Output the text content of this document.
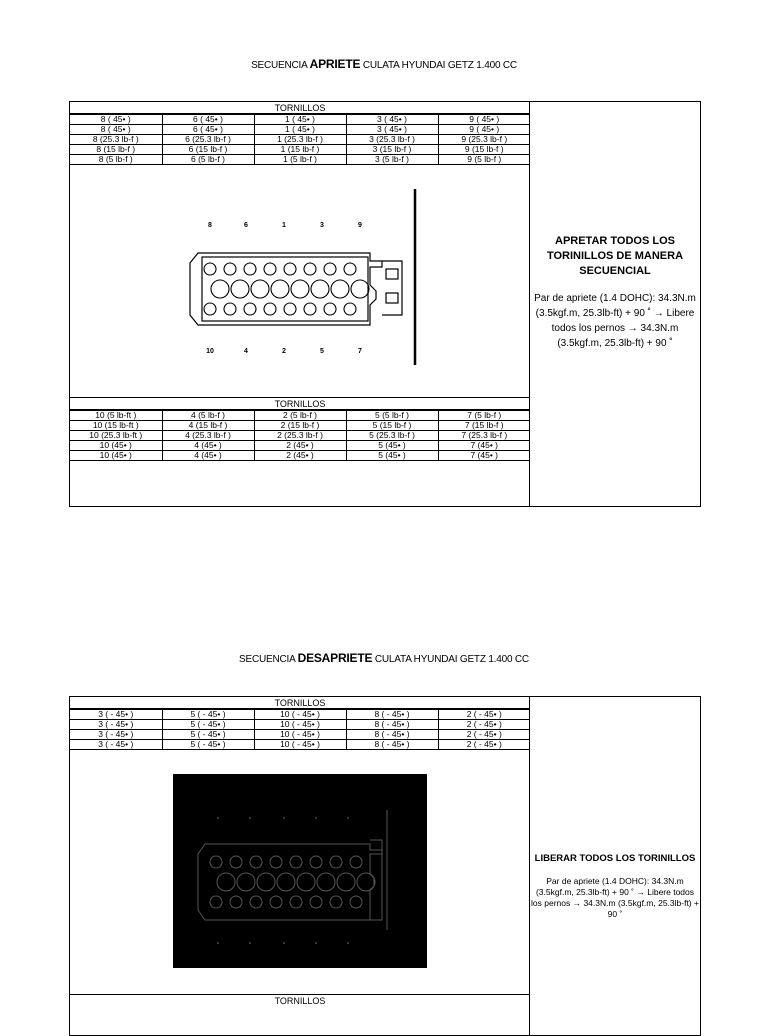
SECUENCIA APRIETE CULATA HYUNDAI GETZ 1.400 CC
TORNILLOS
8 ( 45• )	6 ( 45• )	1 ( 45• )	3 ( 45• )	9 ( 45• )
8 ( 45• )	6 ( 45• )	1 ( 45• )	3 ( 45• )	9 ( 45• )
8 (25.3 lb-f )	6 (25.3 lb-f )	1 (25.3 lb-f )	3 (25.3 lb-f )	9 (25.3 lb-f )
8 (15 lb-f )	6 (15 lb-f )	1 (15 lb-f )	3 (15 lb-f )	9 (15 lb-f )
8 (5 lb-f )	6 (5 lb-f )	1 (5 lb-f )	3 (5 lb-f )	9 (5 lb-f )
8	6	1	3	9
10	4	2	5	7
TORNILLOS
10 (5 lb-ft )	4 (5 lb-f )	2 (5 lb-f )	5 (5 lb-f )	7 (5 lb-f )
10 (15 lb-ft )	4 (15 lb-f )	2 (15 lb-f )	5 (15 lb-f )	7 (15 lb-f )
10 (25.3 lb-ft )	4 (25.3 lb-f )	2 (25.3 lb-f )	5 (25.3 lb-f )	7 (25.3 lb-f )
10 (45• )	4 (45• )	2 (45• )	5 (45• )	7 (45• )
10 (45• )	4 (45• )	2 (45• )	5 (45• )	7 (45• )
APRETAR TODOS LOS TORINILLOS DE MANERA SECUENCIAL
Par de apriete (1.4 DOHC): 34.3N.m (3.5kgf.m, 25.3lb-ft) + 90 ˚ → Libere todos los pernos → 34.3N.m (3.5kgf.m, 25.3lb-ft) + 90 ˚
SECUENCIA DESAPRIETE CULATA HYUNDAI GETZ 1.400 CC
TORNILLOS
3 ( - 45• )	5 ( - 45• )	10 ( - 45• )	8 ( - 45• )	2 ( - 45• )
3 ( - 45• )	5 ( - 45• )	10 ( - 45• )	8 ( - 45• )	2 ( - 45• )
3 ( - 45• )	5 ( - 45• )	10 ( - 45• )	8 ( - 45• )	2 ( - 45• )
3 ( - 45• )	5 ( - 45• )	10 ( - 45• )	8 ( - 45• )	2 ( - 45• )
•	•	•	•	•
•	•	•	•	•
TORNILLOS
LIBERAR TODOS LOS TORINILLOS
Par de apriete (1.4 DOHC): 34.3N.m (3.5kgf.m, 25.3lb-ft) + 90 ˚ → Libere todos los pernos → 34.3N.m (3.5kgf.m, 25.3lb-ft) + 90 ˚
